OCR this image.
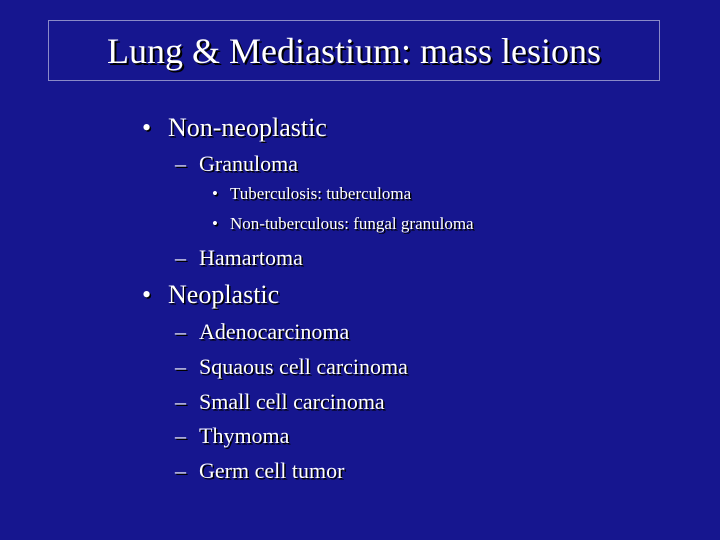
Lung & Mediastium: mass lesions
• Non-neoplastic
– Granuloma
• Tuberculosis: tuberculoma
• Non-tuberculous: fungal granuloma
– Hamartoma
• Neoplastic
– Adenocarcinoma
– Squaous cell carcinoma
– Small cell carcinoma
– Thymoma
– Germ cell tumor
